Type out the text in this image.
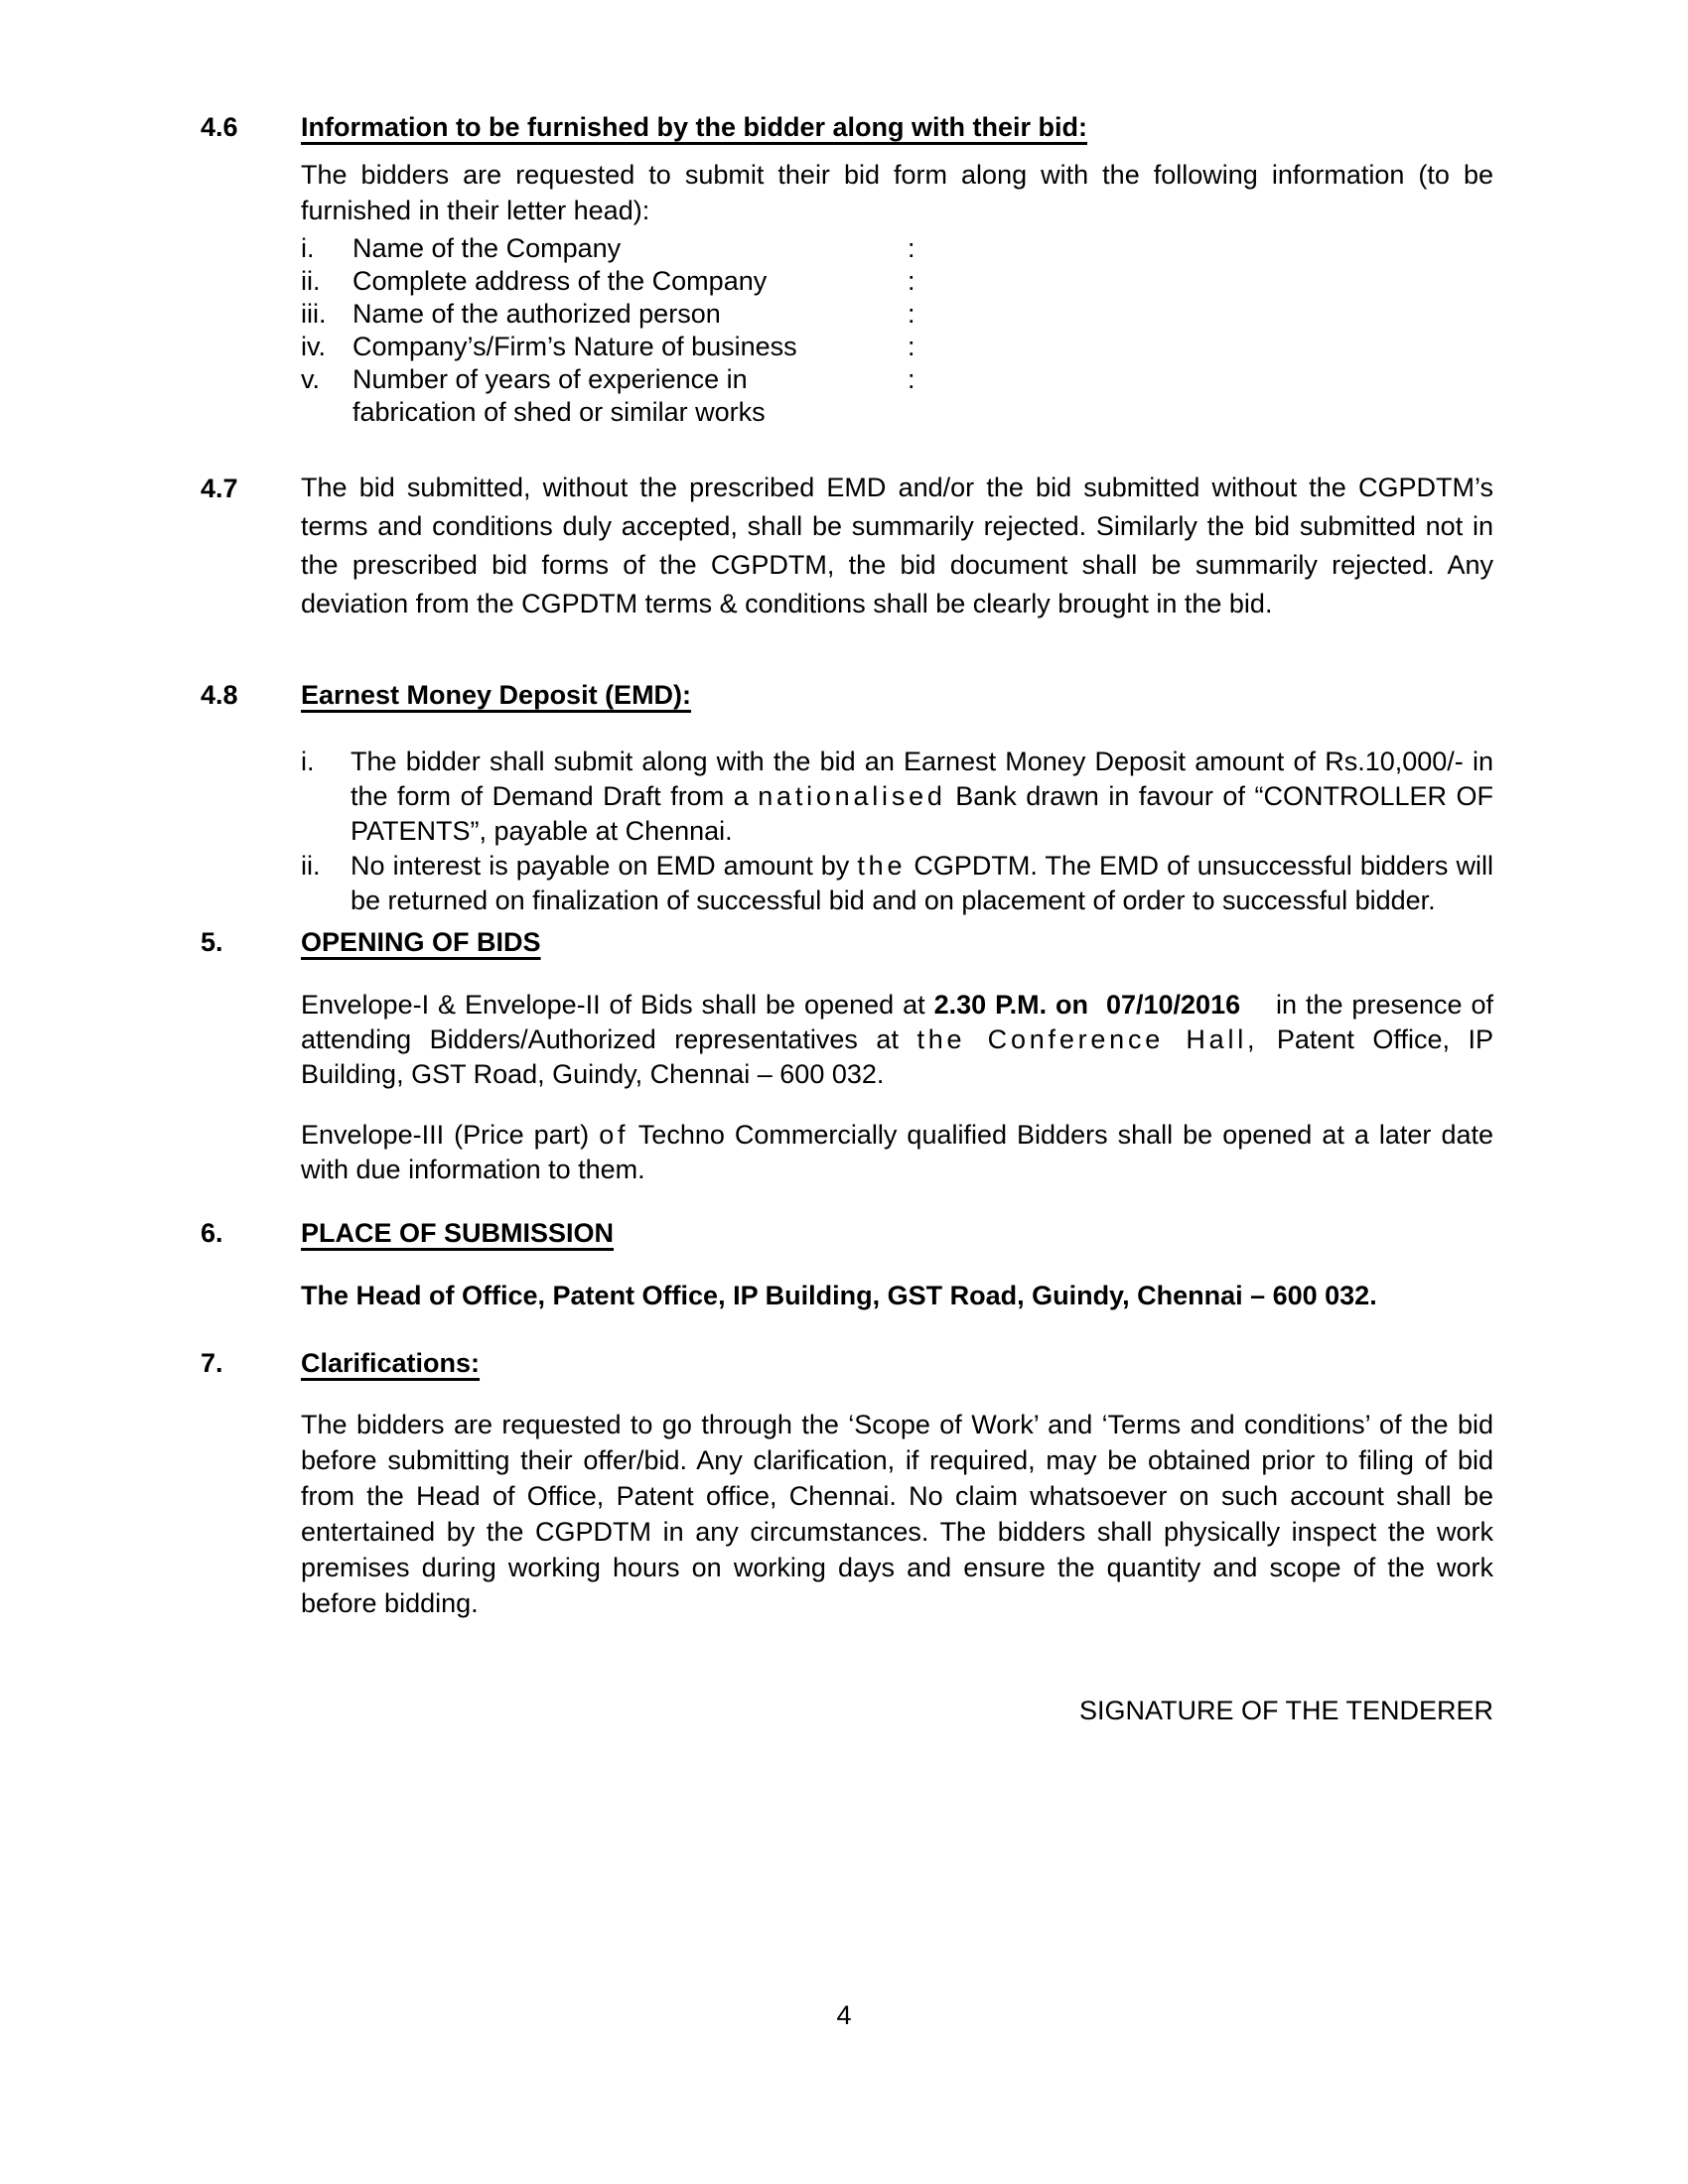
4.6	Information to be furnished by the bidder along with their bid:

The bidders are requested to submit their bid form along with the following information (to be furnished in their letter head):

i.	Name of the Company	:
ii.	Complete address of the Company	:
iii. Name of the authorized person	:
iv.	Company’s/Firm’s Nature of business	:
v.	Number of years of experience in	:
fabrication of shed or similar works
4.7	The bid submitted, without the prescribed EMD and/or the bid submitted without the CGPDTM’s terms and conditions duly accepted, shall be summarily rejected. Similarly the bid submitted not in the prescribed bid forms of the CGPDTM, the bid document shall be summarily rejected. Any deviation from the CGPDTM terms & conditions shall be clearly brought in the bid.

4.8	Earnest Money Deposit (EMD):
i.	The bidder shall submit along with the bid an Earnest Money Deposit amount of Rs.10,000/- in the form of Demand Draft from a nationalised Bank drawn in favour of “CONTROLLER OF PATENTS”, payable at Chennai.
ii.	No interest is payable on EMD amount by the CGPDTM. The EMD of unsuccessful bidders will be returned on finalization of successful bid and on placement of order to successful bidder.
5.	OPENING OF BIDS

Envelope-I & Envelope-II of Bids shall be opened at 2.30 P.M. on  07/10/2016    in the presence of attending Bidders/Authorized representatives at the Conference Hall, Patent Office, IP Building, GST Road, Guindy, Chennai – 600 032.

Envelope-III (Price part) of Techno Commercially qualified Bidders shall be opened at a later date with due information to them.

6.	PLACE OF SUBMISSION

The Head of Office, Patent Office, IP Building, GST Road, Guindy, Chennai – 600 032.

7.	Clarifications:

The bidders are requested to go through the ‘Scope of Work’ and ‘Terms and conditions’ of the bid before submitting their offer/bid. Any clarification, if required, may be obtained prior to filing of bid from the Head of Office, Patent office, Chennai. No claim whatsoever on such account shall be entertained by the CGPDTM in any circumstances. The bidders shall physically inspect the work premises during working hours on working days and ensure the quantity and scope of the work before bidding.

SIGNATURE OF THE TENDERER
4
